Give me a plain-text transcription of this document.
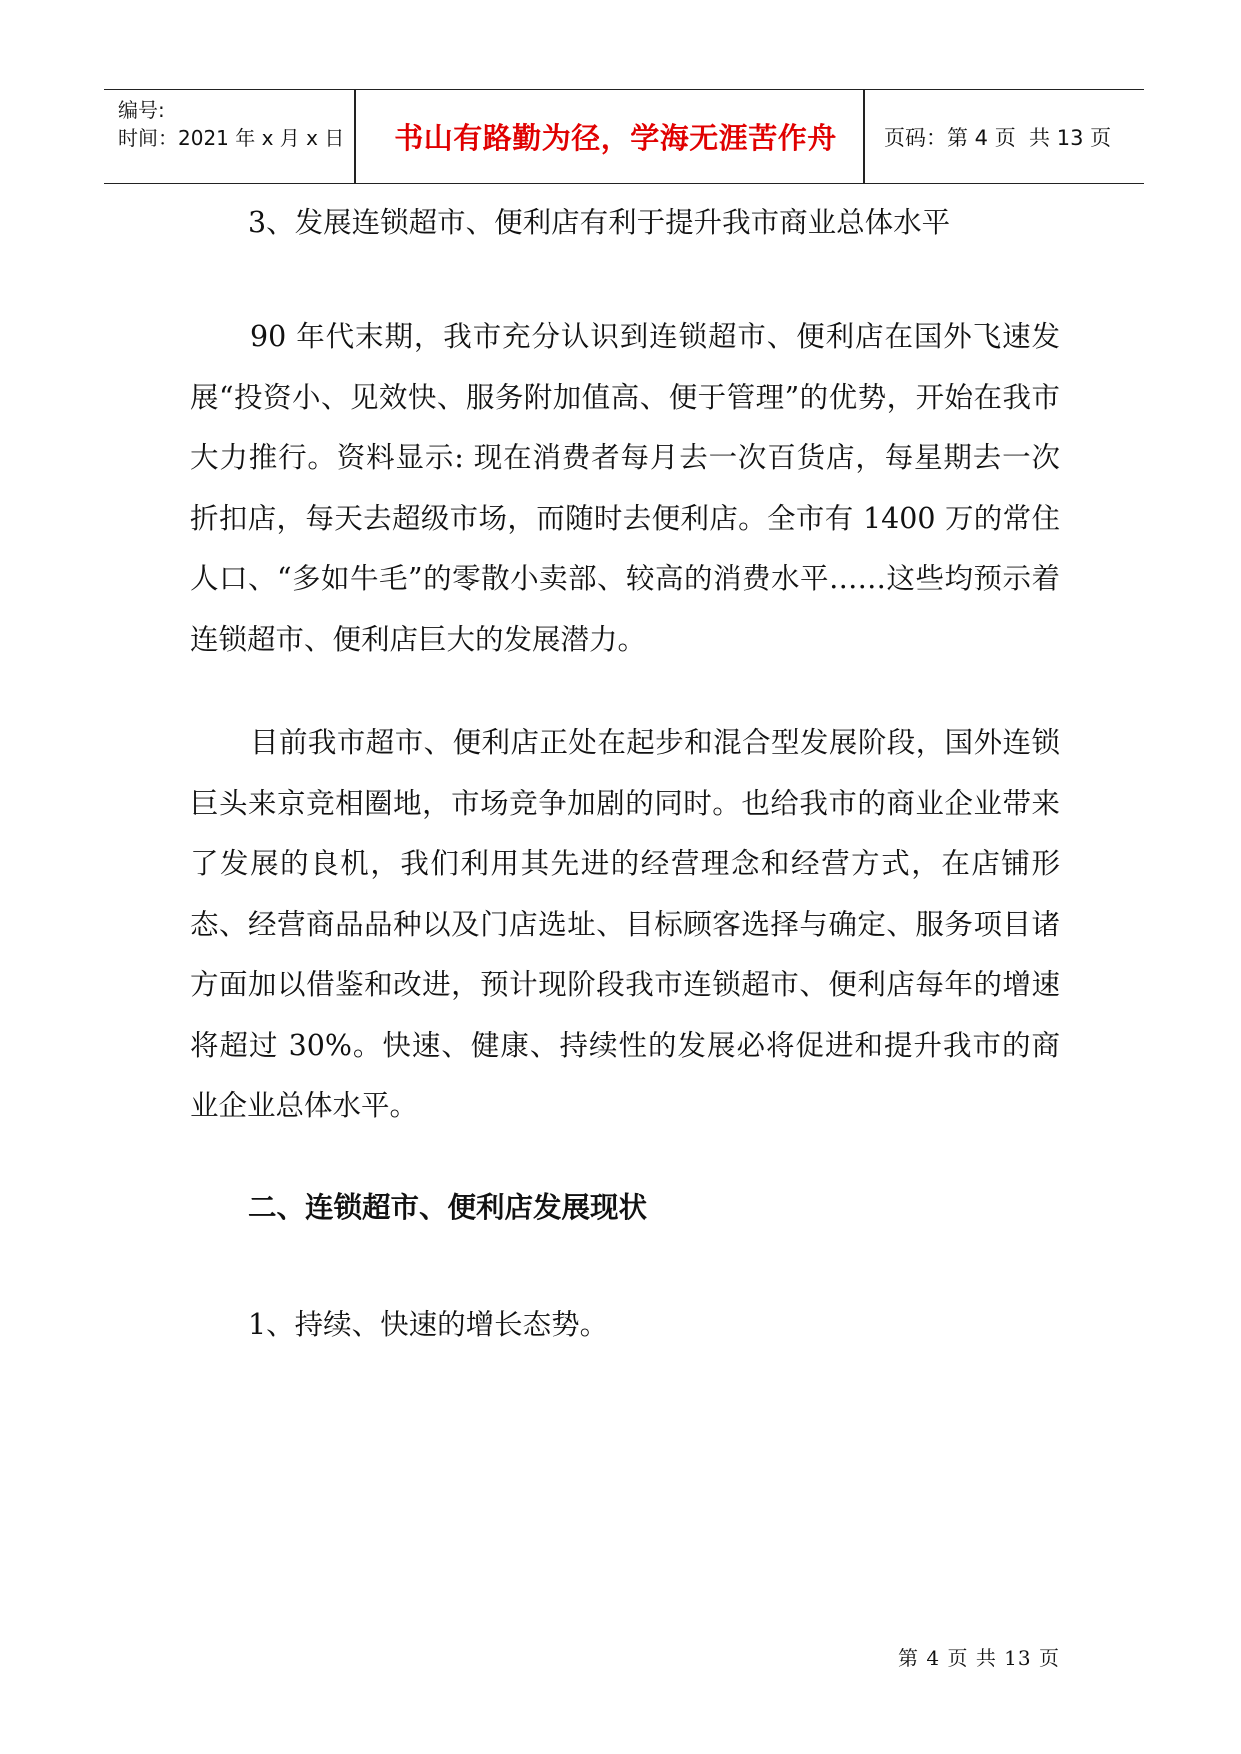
编号:
时间：2021 年 x 月 x 日	书山有路勤为径，学海无涯苦作舟	页码：第 4 页  共 13 页

3、发展连锁超市、便利店有利于提升我市商业总体水平

90 年代末期，我市充分认识到连锁超市、便利店在国外飞速发展“投资小、见效快、服务附加值高、便于管理”的优势，开始在我市大力推行。资料显示: 现在消费者每月去一次百货店，每星期去一次折扣店，每天去超级市场，而随时去便利店。全市有 1400 万的常住人口、“多如牛毛”的零散小卖部、较高的消费水平……这些均预示着连锁超市、便利店巨大的发展潜力。

目前我市超市、便利店正处在起步和混合型发展阶段，国外连锁巨头来京竞相圈地，市场竞争加剧的同时。也给我市的商业企业带来了发展的良机，我们利用其先进的经营理念和经营方式，在店铺形态、经营商品品种以及门店选址、目标顾客选择与确定、服务项目诸方面加以借鉴和改进，预计现阶段我市连锁超市、便利店每年的增速将超过 30%。快速、健康、持续性的发展必将促进和提升我市的商业企业总体水平。

二、连锁超市、便利店发展现状

1、持续、快速的增长态势。

第 4 页 共 13 页
